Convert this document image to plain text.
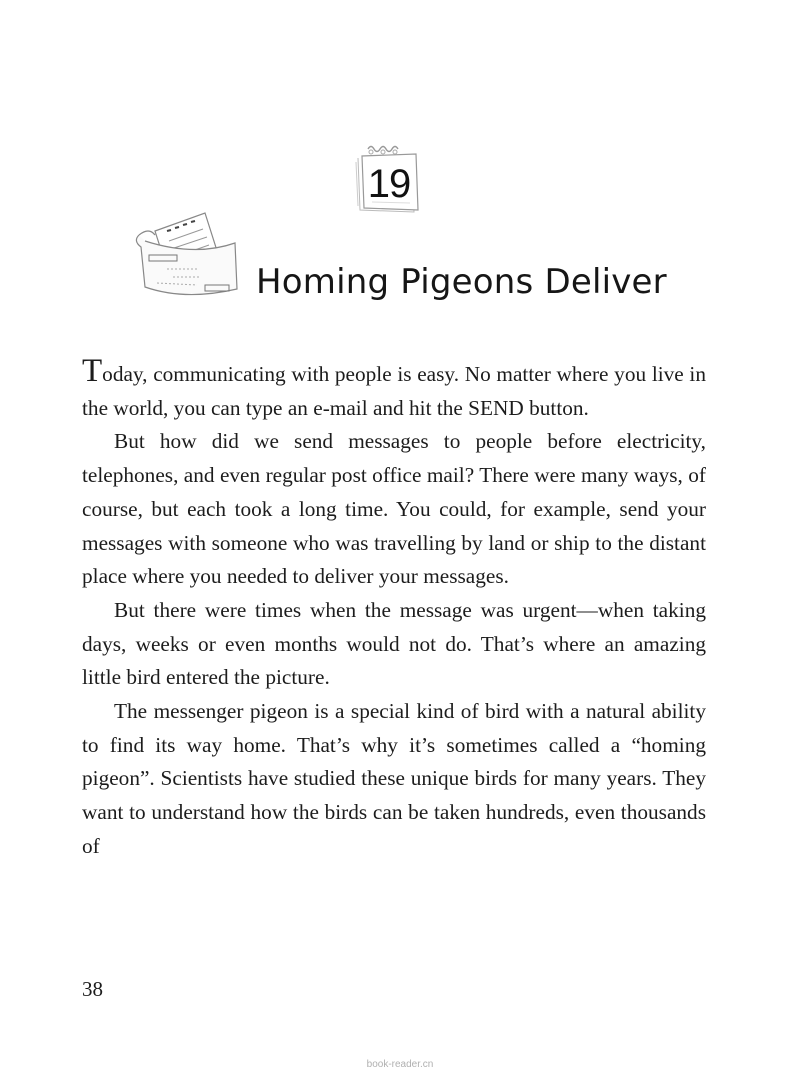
19
Homing Pigeons Deliver

Today, communicating with people is easy. No matter where you live in the world, you can type an e-mail and hit the SEND button.

But how did we send messages to people before electricity, telephones, and even regular post office mail? There were many ways, of course, but each took a long time. You could, for example, send your messages with someone who was travelling by land or ship to the distant place where you needed to deliver your messages.

But there were times when the message was urgent—when taking days, weeks or even months would not do. That’s where an amazing little bird entered the picture.

The messenger pigeon is a special kind of bird with a natural ability to find its way home. That’s why it’s sometimes called a “homing pigeon”. Scientists have studied these unique birds for many years. They want to understand how the birds can be taken hundreds, even thousands of

38
book-reader.cn
